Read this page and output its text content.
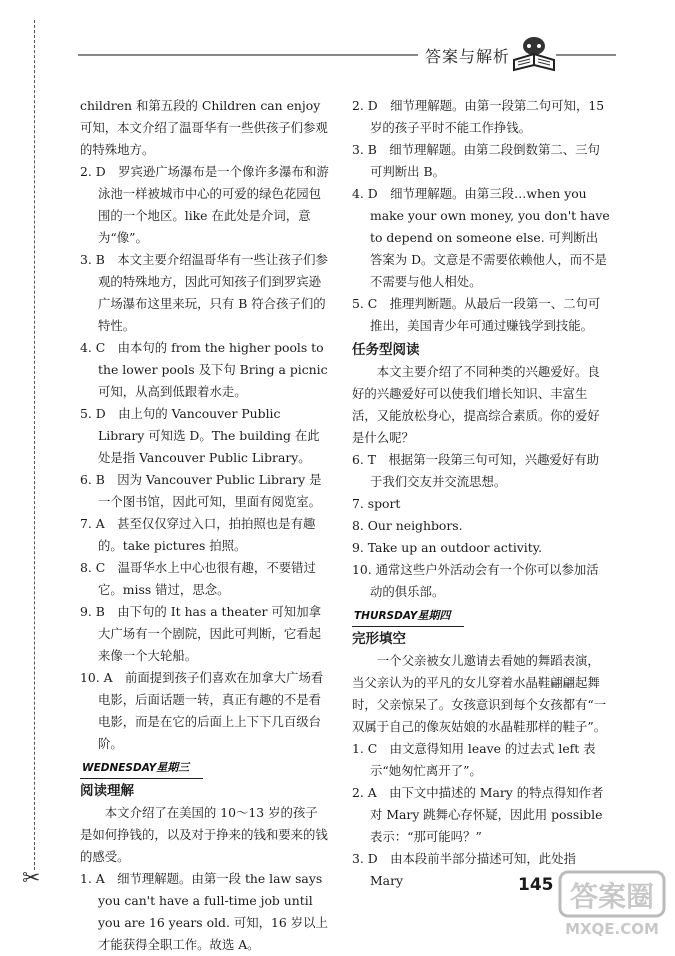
✂
答案与解析

children 和第五段的 Children can enjoy 可知，本文介绍了温哥华有一些供孩子们参观的特殊地方。

2. D　罗宾逊广场瀑布是一个像许多瀑布和游泳池一样被城市中心的可爱的绿色花园包围的一个地区。like 在此处是介词，意为“像”。

3. B　本文主要介绍温哥华有一些让孩子们参观的特殊地方，因此可知孩子们到罗宾逊广场瀑布这里来玩，只有 B 符合孩子们的特性。

4. C　由本句的 from the higher pools to the lower pools 及下句 Bring a picnic 可知，从高到低跟着水走。

5. D　由上句的 Vancouver Public Library 可知选 D。The building 在此处是指 Vancouver Public Library。

6. B　因为 Vancouver Public Library 是一个图书馆，因此可知，里面有阅览室。

7. A　甚至仅仅穿过入口，拍拍照也是有趣的。take pictures 拍照。

8. C　温哥华水上中心也很有趣，不要错过它。miss 错过，思念。

9. B　由下句的 It has a theater 可知加拿大广场有一个剧院，因此可判断，它看起来像一个大轮船。

10. A　前面提到孩子们喜欢在加拿大广场看电影，后面话题一转，真正有趣的不是看电影，而是在它的后面上上下下几百级台阶。

WEDNESDAY星期三

阅读理解

本文介绍了在美国的 10～13 岁的孩子是如何挣钱的，以及对于挣来的钱和要来的钱的感受。

1. A　细节理解题。由第一段 the law says you can't have a full-time job until you are 16 years old. 可知，16 岁以上才能获得全职工作。故选 A。

2. D　细节理解题。由第一段第二句可知，15 岁的孩子平时不能工作挣钱。

3. B　细节理解题。由第二段倒数第二、三句可判断出 B。

4. D　细节理解题。由第三段…when you make your own money, you don't have to depend on someone else. 可判断出答案为 D。文意是不需要依赖他人，而不是不需要与他人相处。

5. C　推理判断题。从最后一段第一、二句可推出，美国青少年可通过赚钱学到技能。

任务型阅读

本文主要介绍了不同种类的兴趣爱好。良好的兴趣爱好可以使我们增长知识、丰富生活，又能放松身心，提高综合素质。你的爱好是什么呢？

6. T　根据第一段第三句可知，兴趣爱好有助于我们交友并交流思想。

7. sport

8. Our neighbors.

9. Take up an outdoor activity.

10. 通常这些户外活动会有一个你可以参加活动的俱乐部。

THURSDAY星期四

完形填空

一个父亲被女儿邀请去看她的舞蹈表演，当父亲认为的平凡的女儿穿着水晶鞋翩翩起舞时，父亲惊呆了。女孩意识到每个女孩都有“一双属于自己的像灰姑娘的水晶鞋那样的鞋子”。

1. C　由文意得知用 leave 的过去式 left 表示“她匆忙离开了”。

2. A　由下文中描述的 Mary 的特点得知作者对 Mary 跳舞心存怀疑，因此用 possible 表示：“那可能吗？”

3. D　由本段前半部分描述可知，此处指 Mary	145 答案圈
MXQE.COM
